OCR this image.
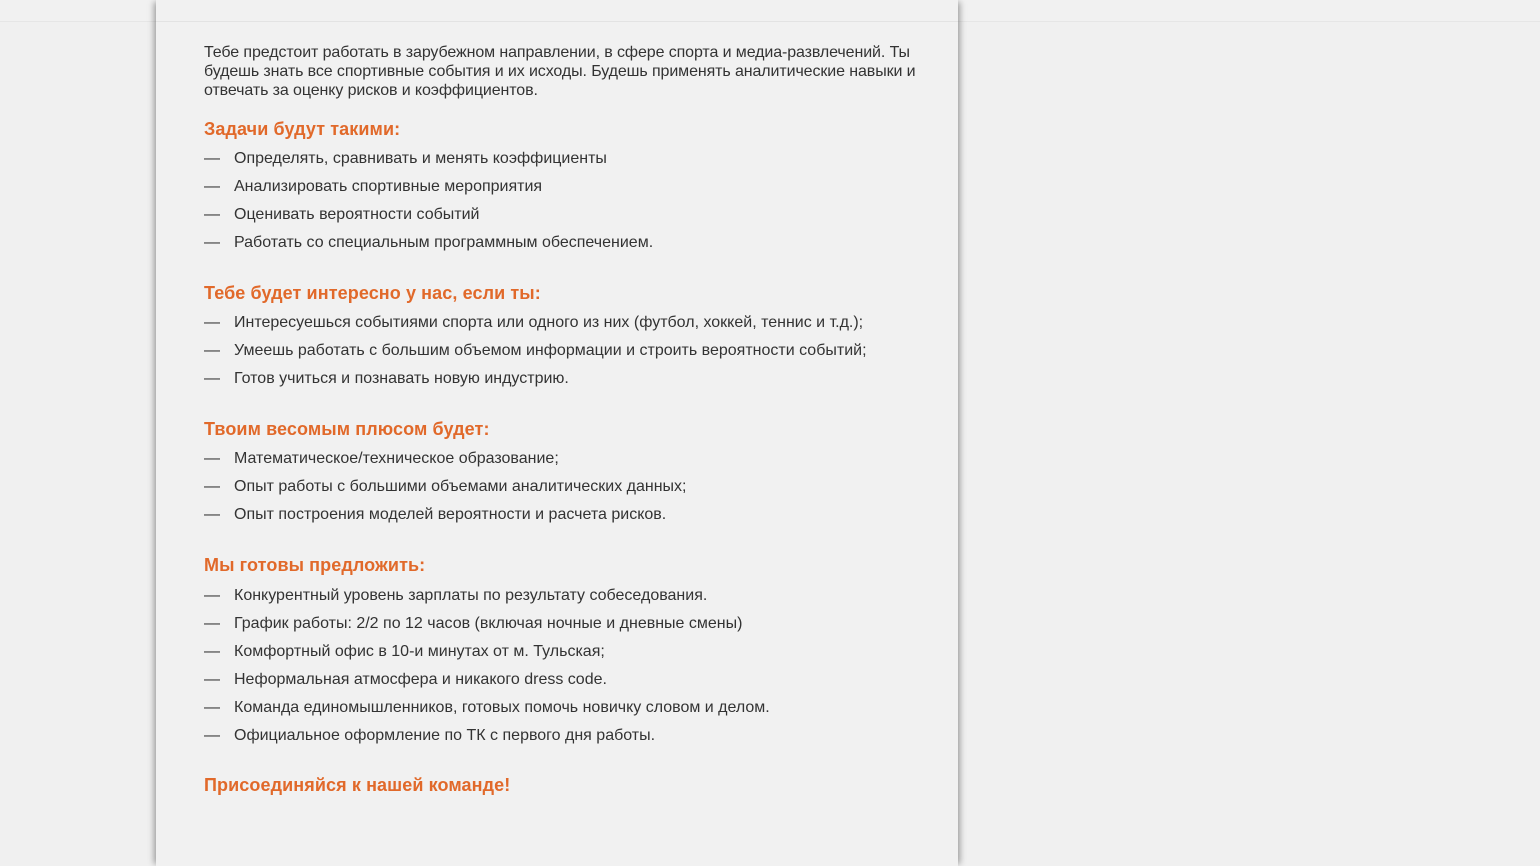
Тебе предстоит работать в зарубежном направлении, в сфере спорта и медиа-развлечений. Ты будешь знать все спортивные события и их исходы. Будешь применять аналитические навыки и отвечать за оценку рисков и коэффициентов.

Задачи будут такими:
— Определять, сравнивать и менять коэффициенты
— Анализировать спортивные мероприятия
— Оценивать вероятности событий
— Работать со специальным программным обеспечением.
Тебе будет интересно у нас, если ты:
— Интересуешься событиями спорта или одного из них (футбол, хоккей, теннис и т.д.);
— Умеешь работать с большим объемом информации и строить вероятности событий;
— Готов учиться и познавать новую индустрию.
Твоим весомым плюсом будет:
— Математическое/техническое образование;
— Опыт работы с большими объемами аналитических данных;
— Опыт построения моделей вероятности и расчета рисков.
Мы готовы предложить:
— Конкурентный уровень зарплаты по результату собеседования.
— График работы: 2/2 по 12 часов (включая ночные и дневные смены)
— Комфортный офис в 10-и минутах от м. Тульская;
— Неформальная атмосфера и никакого dress code.
— Команда единомышленников, готовых помочь новичку словом и делом.
— Официальное оформление по ТК с первого дня работы.
Присоединяйся к нашей команде!
